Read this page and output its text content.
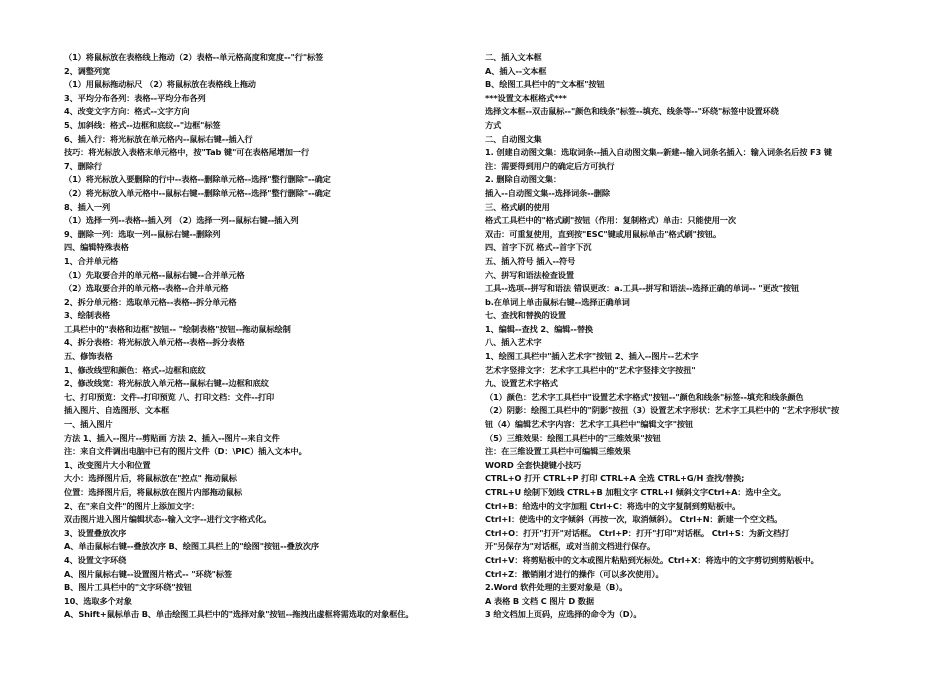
（1）将鼠标放在表格线上拖动（2）表格--单元格高度和宽度--"行"标签
2、调整列宽
（1）用鼠标拖动标尺 （2）将鼠标放在表格线上拖动
3、平均分布各列：表格--平均分布各列
4、改变文字方向：格式--文字方向
5、加斜线：格式--边框和底纹--"边框"标签
6、插入行：将光标放在单元格内--鼠标右键--插入行
技巧：将光标放入表格末单元格中，按"Tab 键"可在表格尾增加一行
7、删除行
（1）将光标放入要删除的行中--表格--删除单元格--选择"整行删除"--确定
（2）将光标放入单元格中--鼠标右键--删除单元格--选择"整行删除"--确定
8、插入一列
（1）选择一列--表格--插入列 （2）选择一列--鼠标右键--插入列
9、删除一列：选取一列--鼠标右键--删除列
四、编辑特殊表格
1、合并单元格
（1）先取要合并的单元格--鼠标右键--合并单元格
（2）选取要合并的单元格--表格--合并单元格
2、拆分单元格：选取单元格--表格--拆分单元格
3、绘制表格
工具栏中的"表格和边框"按钮-- "绘制表格"按钮--拖动鼠标绘制
4、拆分表格：将光标放入单元格--表格--拆分表格
五、修饰表格
1、修改线型和颜色：格式--边框和底纹
2、修改线宽：将光标放入单元格--鼠标右键--边框和底纹
七、打印预览：文件--打印预览 八、打印文档：文件--打印
插入图片、自选图形、文本框
一、插入图片
方法 1、插入--图片--剪贴画 方法 2、插入--图片--来自文件
注：来自文件调出电脑中已有的图片文件（D：\PIC）插入文本中。
1、改变图片大小和位置
大小：选择图片后，将鼠标放在"控点" 拖动鼠标
位置：选择图片后，将鼠标放在图片内部拖动鼠标
2、在"来自文件"的图片上添加文字：
双击图片进入图片编辑状态--输入文字--进行文字格式化。
3、设置叠放次序
A、单击鼠标右键--叠放次序 B、绘图工具栏上的"绘图"按钮--叠放次序
4、设置文字环绕
A、图片鼠标右键--设置图片格式-- "环绕"标签
B、图片工具栏中的"文字环绕"按钮
10、选取多个对象
A、Shift+鼠标单击 B、单击绘图工具栏中的"选择对象"按钮--拖拽出虚框将需选取的对象框住。
二、插入文本框
A、插入--文本框
B、绘图工具栏中的"文本框"按钮
***设置文本框格式***
选择文本框--双击鼠标--"颜色和线条"标签--填充、线条等--"环绕"标签中设置环绕
方式
二、自动图文集
1. 创建自动图文集：选取词条--插入自动图文集--新建--输入词条名插入：输入词条名后按 F3 键
注：需要得到用户的确定后方可执行
2. 删除自动图文集：
插入--自动图文集--选择词条--删除
三、格式刷的使用
格式工具栏中的"格式刷"按钮（作用：复制格式）单击：只能使用一次
双击：可重复使用，直到按"ESC"键或用鼠标单击"格式刷"按钮。
四、首字下沉 格式--首字下沉
五、插入符号 插入--符号
六、拼写和语法检查设置
工具--选项--拼写和语法 错误更改：a.工具--拼写和语法--选择正确的单词-- "更改"按钮
b.在单词上单击鼠标右键--选择正确单词
七、查找和替换的设置
1、编辑--查找 2、编辑--替换
八、插入艺术字
1、绘图工具栏中"插入艺术字"按钮 2、插入--图片--艺术字
艺术字竖排文字：艺术字工具栏中的"艺术字竖排文字按扭"
九、设置艺术字格式
（1）颜色：艺术字工具栏中"设置艺术字格式"按钮--"颜色和线条"标签--填充和线条颜色
（2）阴影：绘图工具栏中的"阴影"按扭（3）设置艺术字形状：艺术字工具栏中的 "艺术字形状"按
钮（4）编辑艺术字内容：艺术字工具栏中"编辑文字"按钮
（5）三维效果：绘图工具栏中的"三维效果"按钮
注：在三维设置工具栏中可编辑三维效果
WORD 全套快捷键小技巧
CTRL+O 打开 CTRL+P 打印 CTRL+A 全选 CTRL+G/H 查找/替换;
CTRL+U 绘制下划线 CTRL+B 加粗文字 CTRL+I 倾斜文字Ctrl+A：选中全文。
Ctrl+B：给选中的文字加粗 Ctrl+C：将选中的文字复制到剪贴板中。
Ctrl+I：使选中的文字倾斜（再按一次，取消倾斜）。 Ctrl+N：新建一个空文档。
Ctrl+O：打开"打开"对话框。 Ctrl+P：打开"打印"对话框。 Ctrl+S：为新文档打
开"另保存为"对话框，或对当前文档进行保存。
Ctrl+V：将剪贴板中的文本或图片粘贴到光标处。Ctrl+X：将选中的文字剪切到剪贴板中。
Ctrl+Z：撤销刚才进行的操作（可以多次使用）。
2.Word 软件处理的主要对象是（B）。
A 表格 B 文档 C 图片 D 数据
3 给文档加上页码，应选择的命令为（D）。
